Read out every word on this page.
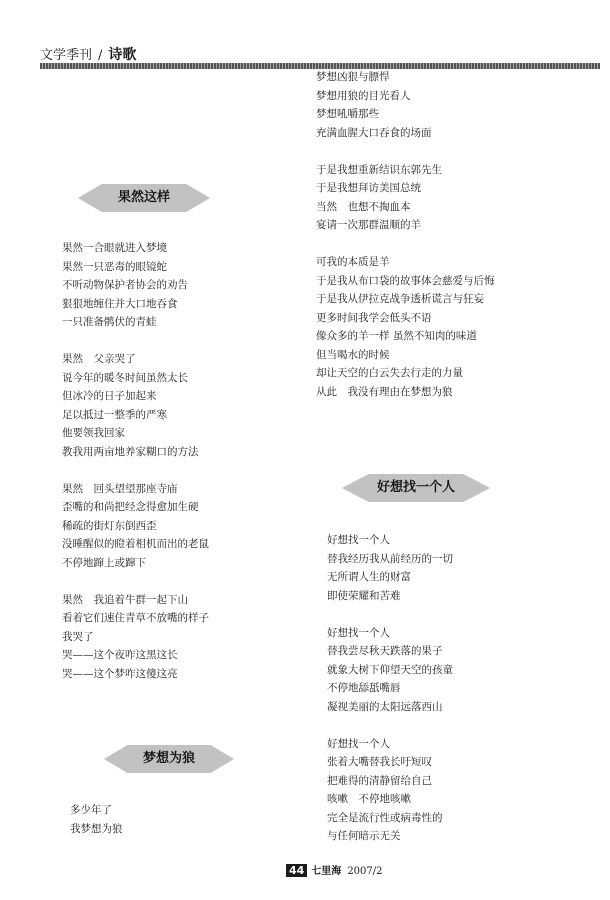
文学季刊 / 诗歌
果然这样
果然一合眼就进入梦境
果然一只恶毒的眼镜蛇
不听动物保护者协会的劝告
狠狠地缠住并大口地吞食
一只准备鹘伏的青蛙
果然　父亲哭了
说今年的暖冬时间虽然太长
但冰冷的日子加起来
足以抵过一整季的严寒
他要领我回家
教我用两亩地养家糊口的方法
果然　回头望望那座寺庙
歪嘴的和尚把经念得愈加生硬
稀疏的街灯东倒西歪
没睡醒似的瞪着相机而出的老鼠
不停地蹿上或蹿下
果然　我追着牛群一起下山
看着它们速住青草不放嘴的样子
我哭了
哭——这个夜咋这黑这长
哭——这个梦咋这傻这亮
梦想为狼
多少年了
我梦想为狼
梦想凶狠与膘悍
梦想用狼的目光看人
梦想吼嚼那些
充满血腥大口吞食的场面
于是我想重新结识东郭先生
于是我想拜访美国总统
当然　也想不掏血本
宴请一次那群温顺的羊
可我的本质是羊
于是我从布口袋的故事体会慈爱与后悔
于是我从伊拉克战争透析谎言与狂妄
更多时间我学会低头不语
像众多的羊一样 虽然不知肉的味道
但当喝水的时候
却让天空的白云失去行走的力量
从此　我没有理由在梦想为狼
好想找一个人
好想找一个人
替我经历我从前经历的一切
无所谓人生的财富
即使荣耀和苦难
好想找一个人
替我尝尽秋天跌落的果子
就象大树下仰望天空的孩童
不停地舔舐嘴唇
凝视美丽的太阳远落西山
好想找一个人
张着大嘴替我长吁短叹
把难得的清静留给自己
咳嗽　不停地咳嗽
完全是流行性或病毒性的
与任何暗示无关
44 七里海 2007/2
